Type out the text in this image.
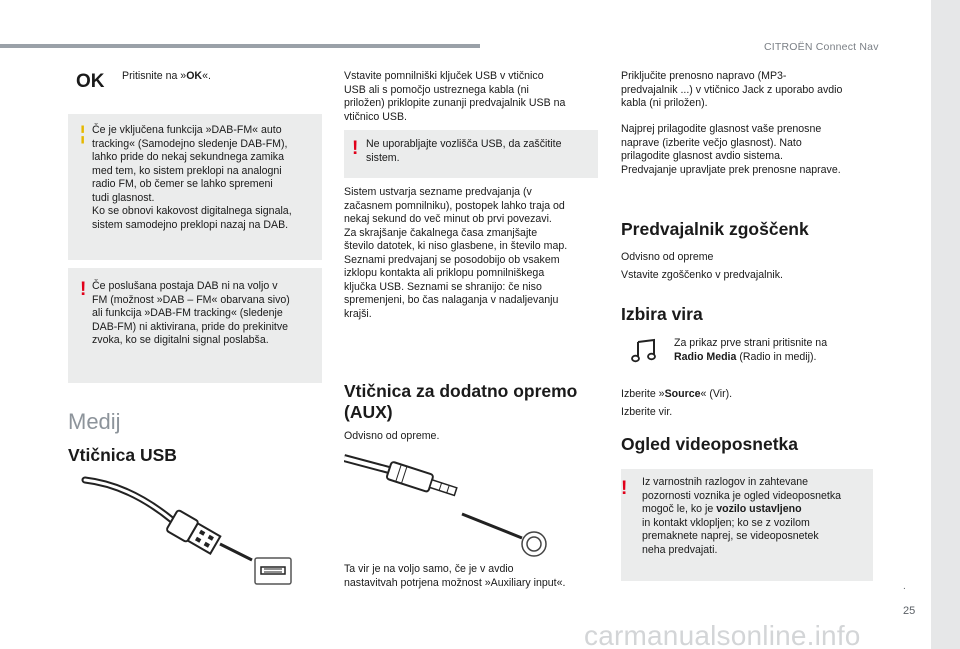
CITROËN Connect Nav
.
25
OK Pritisnite na »OK«.
¦ Če je vključena funkcija »DAB-FM« auto
tracking« (Samodejno sledenje DAB-FM),
lahko pride do nekaj sekundnega zamika
med tem, ko sistem preklopi na analogni
radio FM, ob čemer se lahko spremeni
tudi glasnost.
Ko se obnovi kakovost digitalnega signala,
sistem samodejno preklopi nazaj na DAB.
! Če poslušana postaja DAB ni na voljo v
FM (možnost »DAB – FM« obarvana sivo)
ali funkcija »DAB-FM tracking« (sledenje
DAB-FM) ni aktivirana, pride do prekinitve
zvoka, ko se digitalni signal poslabša.
Medij
Vtičnica USB
Vstavite pomnilniški ključek USB v vtičnico
USB ali s pomočjo ustreznega kabla (ni
priložen) priklopite zunanji predvajalnik USB na
vtičnico USB.
! Ne uporabljajte vozlišča USB, da zaščitite
sistem.
Sistem ustvarja sezname predvajanja (v
začasnem pomnilniku), postopek lahko traja od
nekaj sekund do več minut ob prvi povezavi.
Za skrajšanje čakalnega časa zmanjšajte
število datotek, ki niso glasbene, in število map.
Seznami predvajanj se posodobijo ob vsakem
izklopu kontakta ali priklopu pomnilniškega
ključka USB. Seznami se shranijo: če niso
spremenjeni, bo čas nalaganja v nadaljevanju
krajši.
Vtičnica za dodatno opremo
(AUX)
Odvisno od opreme.
Ta vir je na voljo samo, če je v avdio
nastavitvah potrjena možnost »Auxiliary input«.
Priključite prenosno napravo (MP3-
predvajalnik ...) v vtičnico Jack z uporabo avdio
kabla (ni priložen).
Najprej prilagodite glasnost vaše prenosne
naprave (izberite večjo glasnost). Nato
prilagodite glasnost avdio sistema.
Predvajanje upravljate prek prenosne naprave.
Predvajalnik zgoščenk
Odvisno od opreme
Vstavite zgoščenko v predvajalnik.
Izbira vira
Za prikaz prve strani pritisnite na
Radio Media (Radio in medij).
Izberite »Source« (Vir).
Izberite vir.
Ogled videoposnetka
! Iz varnostnih razlogov in zahtevane
pozornosti voznika je ogled videoposnetka
mogoč le, ko je vozilo ustavljeno
in kontakt vklopljen; ko se z vozilom
premaknete naprej, se videoposnetek
neha predvajati.
carmanualsonline.info
